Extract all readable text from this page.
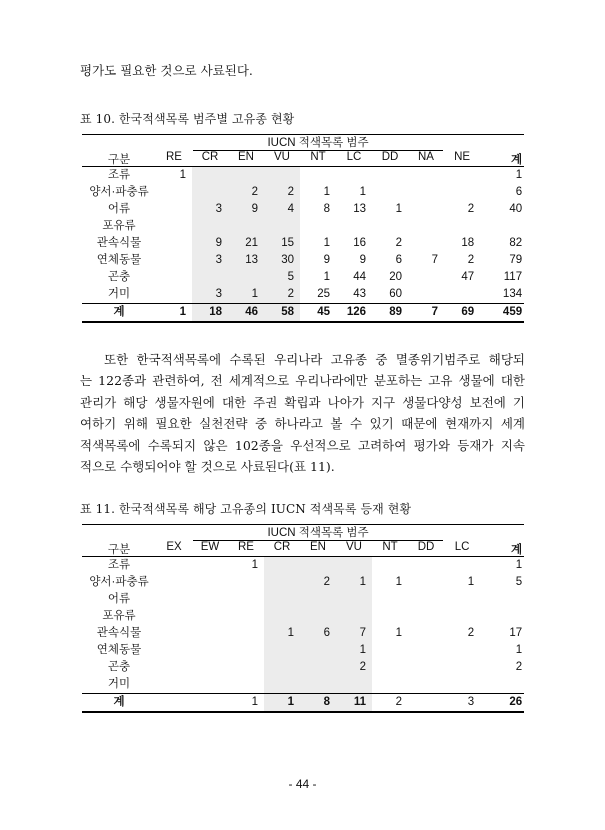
평가도 필요한 것으로 사료된다.
표 10. 한국적색목록 범주별 고유종 현황
구분	IUCN 적색목록 범주									계
	RE	CR	EN	VU	NT	LC	DD	NA	NE	
조류	1									1
양서·파충류			2	2	1	1				6
어류		3	9	4	8	13	1		2	40
포유류										
관속식물		9	21	15	1	16	2		18	82
연체동물		3	13	30	9	9	6	7	2	79
곤충				5	1	44	20		47	117
거미		3	1	2	25	43	60			134
계	1	18	46	58	45	126	89	7	69	459
또한 한국적색목록에 수록된 우리나라 고유종 중 멸종위기범주로 해당되
는 122종과 관련하여, 전 세계적으로 우리나라에만 분포하는 고유 생물에 대한
관리가 해당 생물자원에 대한 주권 확립과 나아가 지구 생물다양성 보전에 기
여하기 위해 필요한 실천전략 중 하나라고 볼 수 있기 때문에 현재까지 세계
적색목록에 수록되지 않은 102종을 우선적으로 고려하여 평가와 등재가 지속
적으로 수행되어야 할 것으로 사료된다(표 11).
표 11. 한국적색목록 해당 고유종의 IUCN 적색목록 등재 현황
구분	IUCN 적색목록 범주									계
	EX	EW	RE	CR	EN	VU	NT	DD	LC	
조류			1							1
양서·파충류					2	1	1		1	5
어류										
포유류										
관속식물				1	6	7	1		2	17
연체동물						1				1
곤충						2				2
거미										
계			1	1	8	11	2		3	26
- 44 -
